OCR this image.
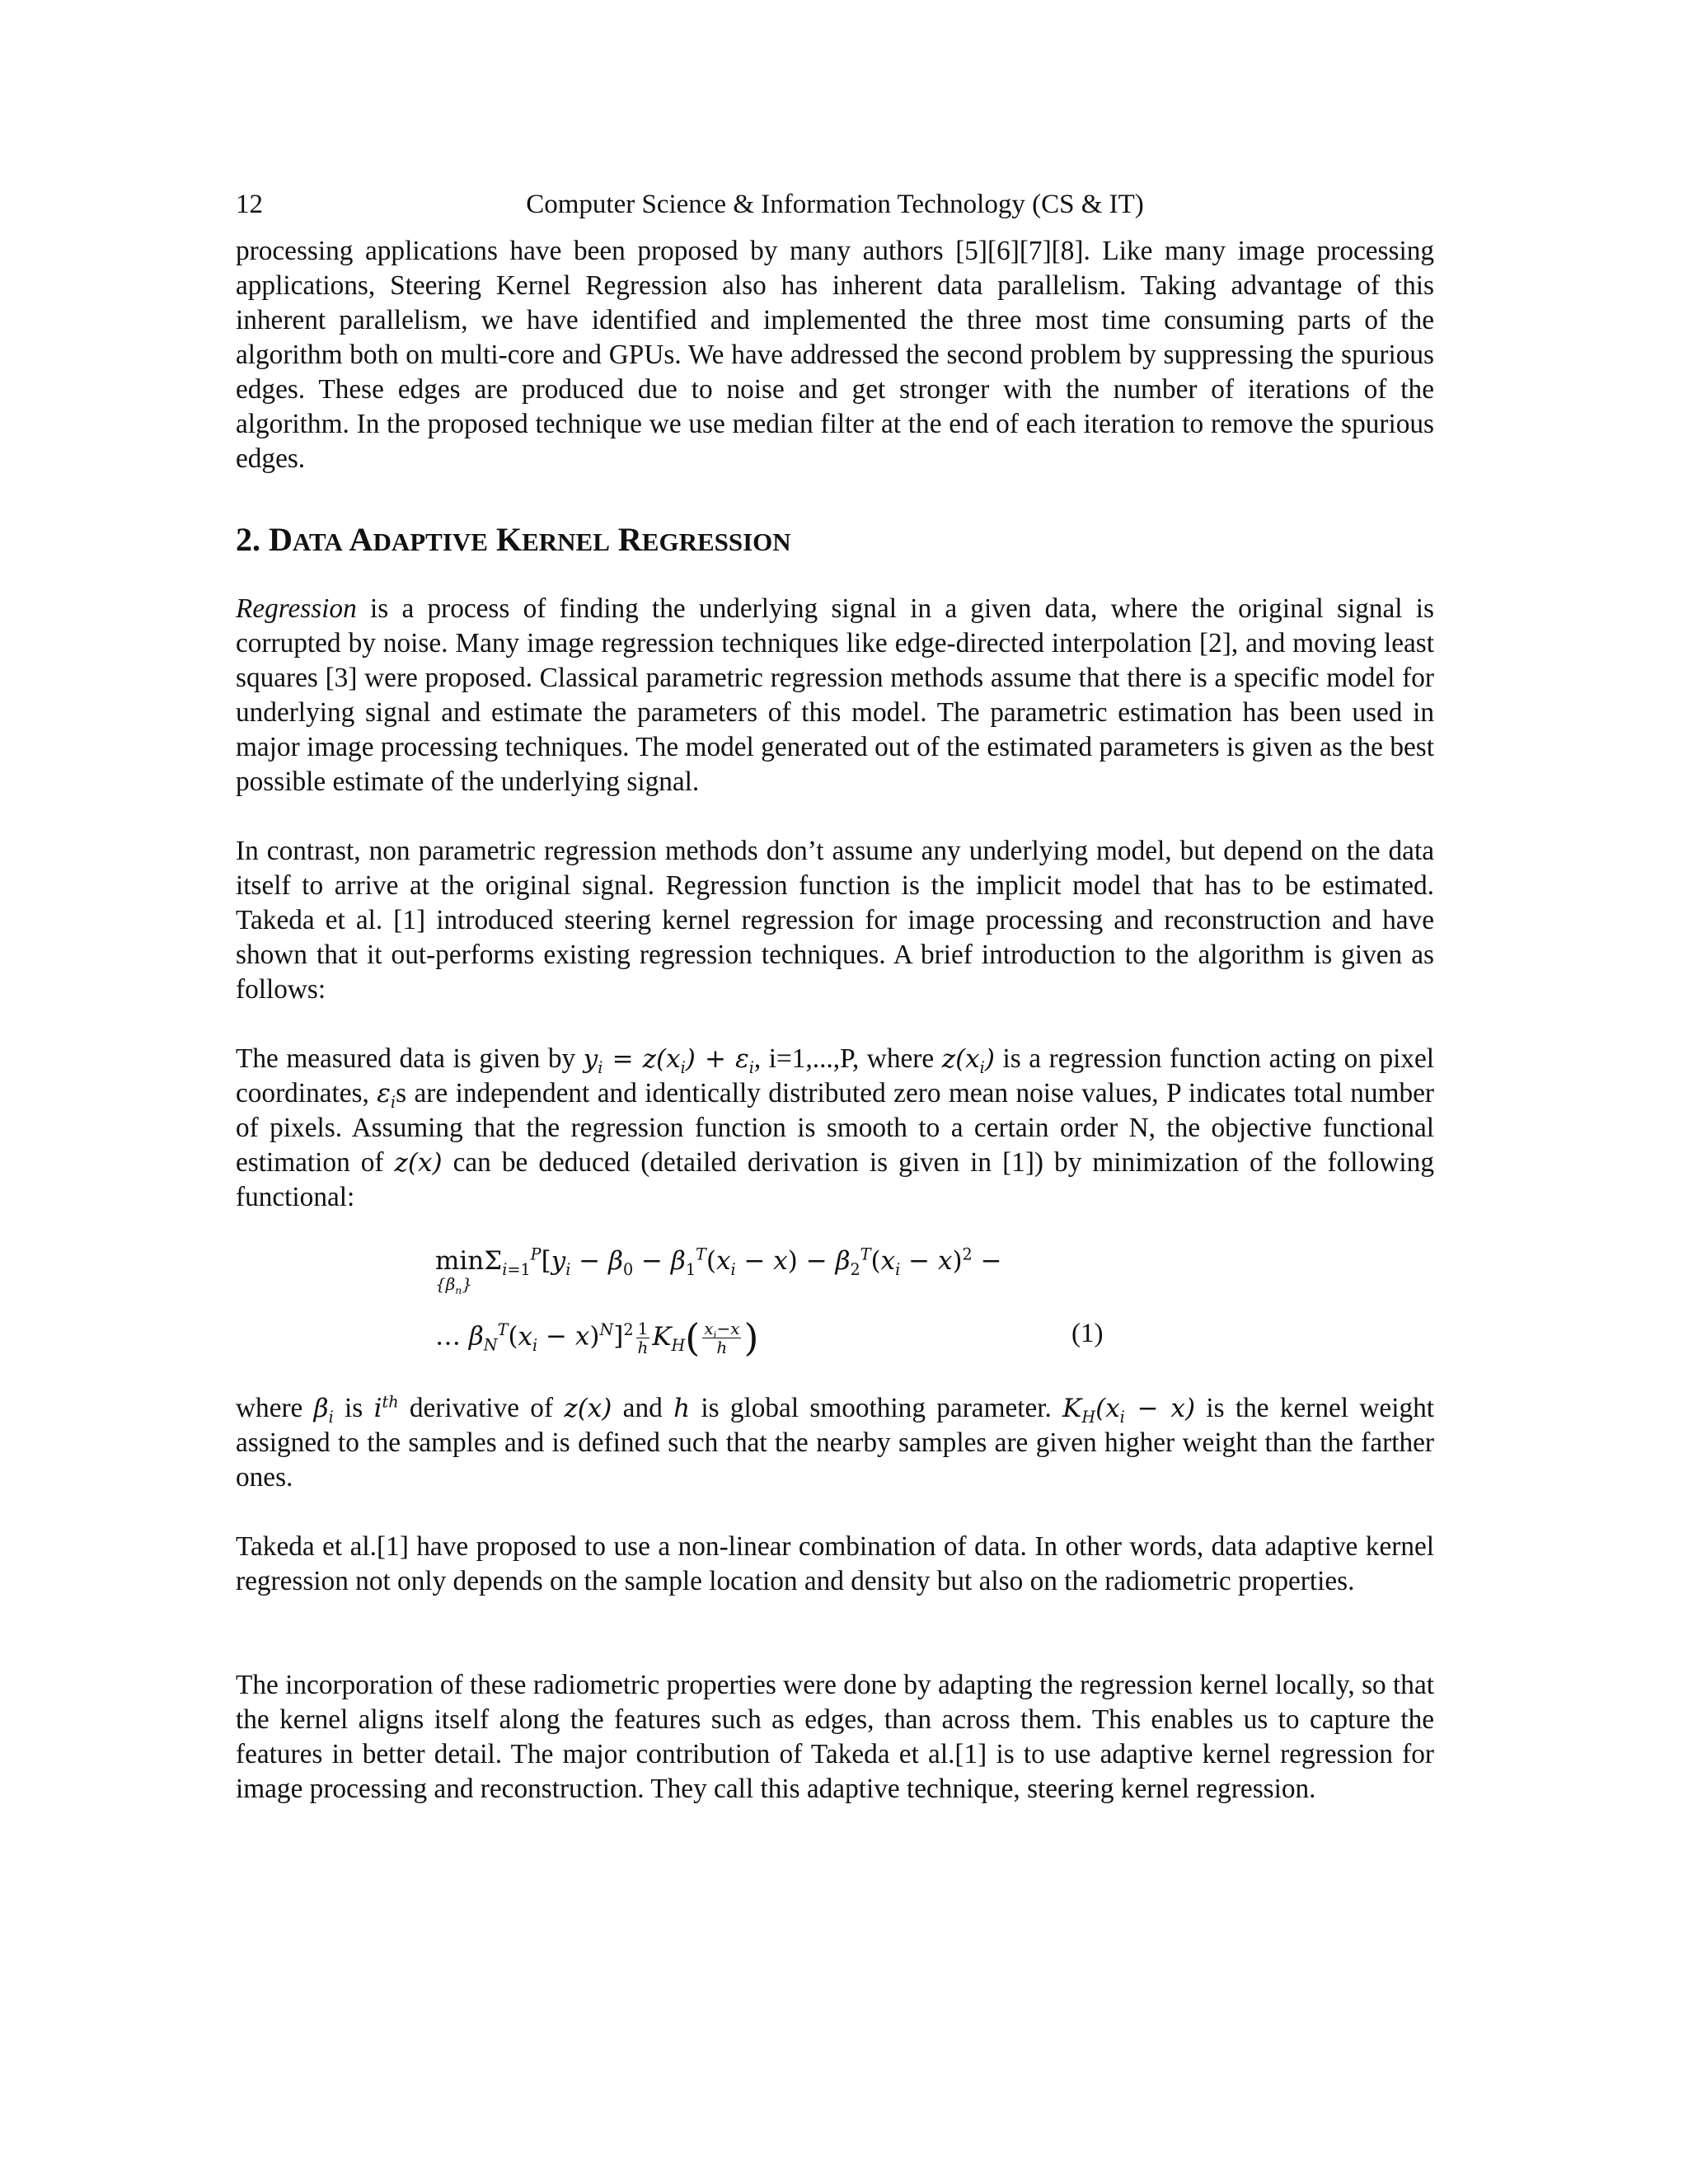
12	Computer Science & Information Technology (CS & IT)

processing applications have been proposed by many authors [5][6][7][8]. Like many image processing applications, Steering Kernel Regression also has inherent data parallelism. Taking advantage of this inherent parallelism, we have identified and implemented the three most time consuming parts of the algorithm both on multi-core and GPUs. We have addressed the second problem by suppressing the spurious edges. These edges are produced due to noise and get stronger with the number of iterations of the algorithm. In the proposed technique we use median filter at the end of each iteration to remove the spurious edges.

2. DATA ADAPTIVE KERNEL REGRESSION

Regression is a process of finding the underlying signal in a given data, where the original signal is corrupted by noise. Many image regression techniques like edge-directed interpolation [2], and moving least squares [3] were proposed. Classical parametric regression methods assume that there is a specific model for underlying signal and estimate the parameters of this model. The parametric estimation has been used in major image processing techniques. The model generated out of the estimated parameters is given as the best possible estimate of the underlying signal.

In contrast, non parametric regression methods don’t assume any underlying model, but depend on the data itself to arrive at the original signal. Regression function is the implicit model that has to be estimated. Takeda et al. [1] introduced steering kernel regression for image processing and reconstruction and have shown that it out-performs existing regression techniques. A brief introduction to the algorithm is given as follows:

The measured data is given by $y_i = z(x_i) + \varepsilon_i$, i=1,...,P, where $z(x_i)$ is a regression function acting on pixel coordinates, $\varepsilon_is$ are independent and identically distributed zero mean noise values, P indicates total number of pixels. Assuming that the regression function is smooth to a certain order N, the objective functional estimation of z(x) can be deduced (detailed derivation is given in [1]) by minimization of the following functional:

min
$\{\beta_n\}$
$\Sigma_{i=1}^P[y_i - \beta_0 - \beta_1^T(x_i - x) - \beta_2^T(x_i - x)^2$ −
… $\beta_N^T(x_i - x)^N]^2 \frac{1}{h} K_H( \frac{x_i-x}{h}$ )	(1)

where $\beta_i$ is $i^{th}$ derivative of z(x) and h is global smoothing parameter. $K_H(x_i - x)$ is the kernel weight assigned to the samples and is defined such that the nearby samples are given higher weight than the farther ones.

Takeda et al.[1] have proposed to use a non-linear combination of data. In other words, data adaptive kernel regression not only depends on the sample location and density but also on the radiometric properties.

The incorporation of these radiometric properties were done by adapting the regression kernel locally, so that the kernel aligns itself along the features such as edges, than across them. This enables us to capture the features in better detail. The major contribution of Takeda et al.[1] is to use adaptive kernel regression for image processing and reconstruction. They call this adaptive technique, steering kernel regression.
